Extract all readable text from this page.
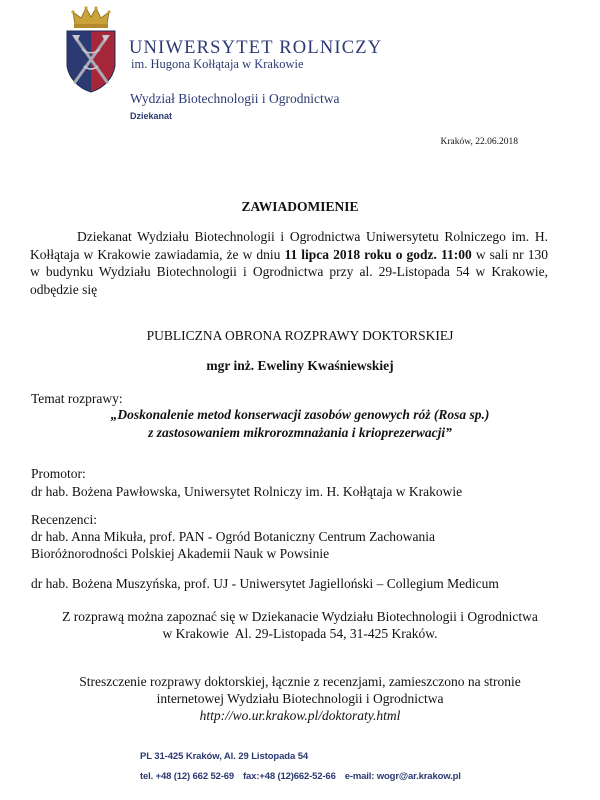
UNIWERSYTET ROLNICZY
im. Hugona Kołłątaja w Krakowie
Wydział Biotechnologii i Ogrodnictwa
Dziekanat
Kraków, 22.06.2018
ZAWIADOMIENIE

Dziekanat Wydziału Biotechnologii i Ogrodnictwa Uniwersytetu Rolniczego im. H. Kołłątaja w Krakowie zawiadamia, że w dniu 11 lipca 2018 roku o godz. 11:00 w sali nr 130 w budynku Wydziału Biotechnologii i Ogrodnictwa przy al. 29-Listopada 54 w Krakowie, odbędzie się

PUBLICZNA OBRONA ROZPRAWY DOKTORSKIEJ
mgr inż. Eweliny Kwaśniewskiej
Temat rozprawy:
„Doskonalenie metod konserwacji zasobów genowych róż (Rosa sp.)
z zastosowaniem mikrorozmnażania i krioprezerwacji”
Promotor:
dr hab. Bożena Pawłowska, Uniwersytet Rolniczy im. H. Kołłątaja w Krakowie
Recenzenci:
dr hab. Anna Mikuła, prof. PAN - Ogród Botaniczny Centrum Zachowania
Bioróżnorodności Polskiej Akademii Nauk w Powsinie
dr hab. Bożena Muszyńska, prof. UJ - Uniwersytet Jagielloński – Collegium Medicum
Z rozprawą można zapoznać się w Dziekanacie Wydziału Biotechnologii i Ogrodnictwa
w Krakowie  Al. 29-Listopada 54, 31-425 Kraków.
Streszczenie rozprawy doktorskiej, łącznie z recenzjami, zamieszczono na stronie
internetowej Wydziału Biotechnologii i Ogrodnictwa
http://wo.ur.krakow.pl/doktoraty.html
PL 31-425 Kraków, Al. 29 Listopada 54
tel. +48 (12) 662 52-69 fax:+48 (12)662-52-66 e-mail: wogr@ar.krakow.pl
